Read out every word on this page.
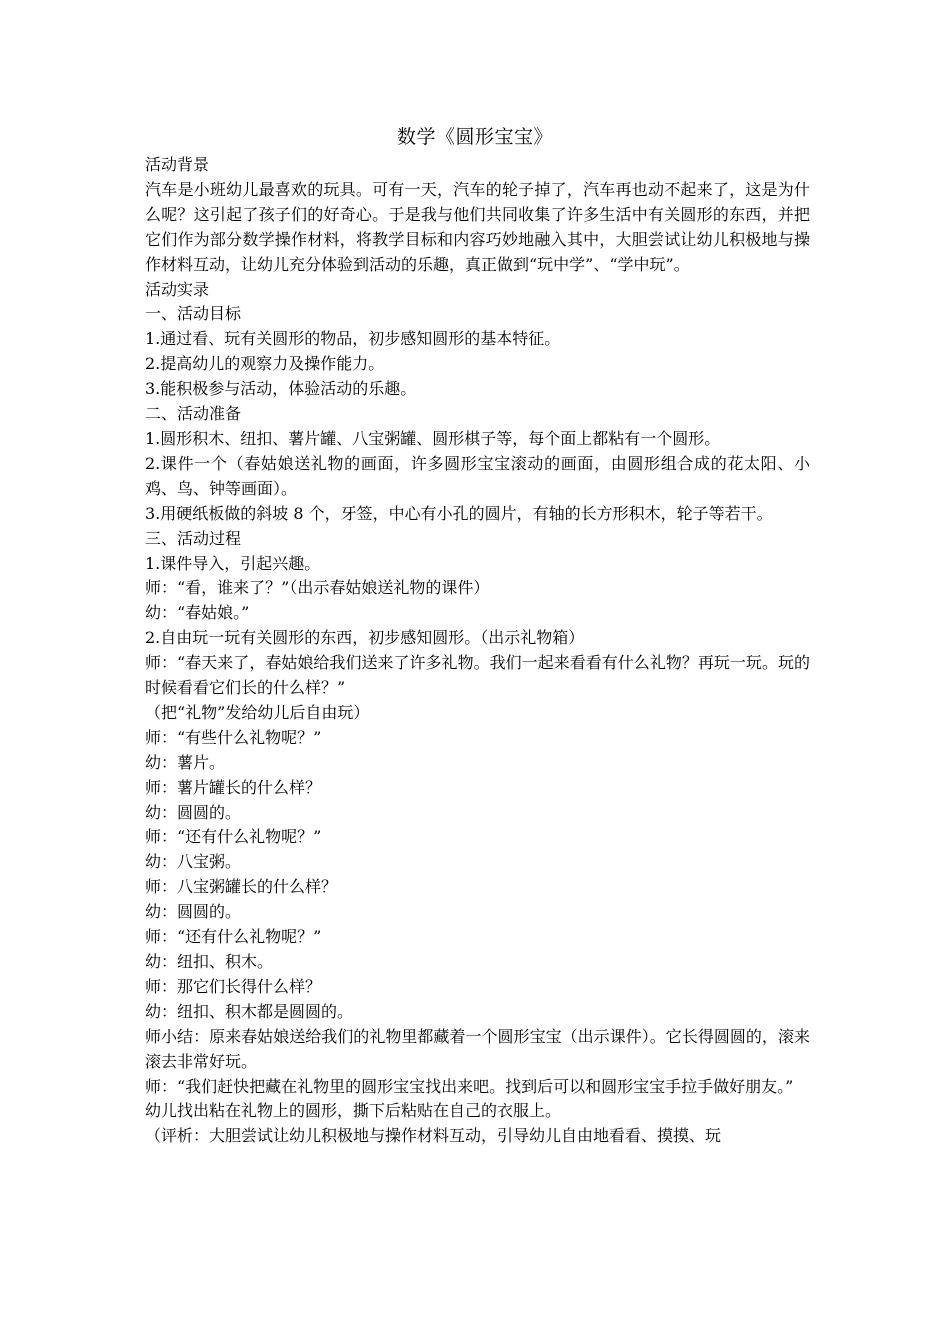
数学《圆形宝宝》

活动背景

汽车是小班幼儿最喜欢的玩具。可有一天，汽车的轮子掉了，汽车再也动不起来了，这是为什么呢？这引起了孩子们的好奇心。于是我与他们共同收集了许多生活中有关圆形的东西，并把它们作为部分数学操作材料，将教学目标和内容巧妙地融入其中，大胆尝试让幼儿积极地与操作材料互动，让幼儿充分体验到活动的乐趣，真正做到“玩中学”、“学中玩”。

活动实录

一、活动目标

1.通过看、玩有关圆形的物品，初步感知圆形的基本特征。

2.提高幼儿的观察力及操作能力。

3.能积极参与活动，体验活动的乐趣。

二、活动准备

1.圆形积木、纽扣、薯片罐、八宝粥罐、圆形棋子等，每个面上都粘有一个圆形。

2.课件一个（春姑娘送礼物的画面，许多圆形宝宝滚动的画面，由圆形组合成的花太阳、小鸡、鸟、钟等画面）。

3.用硬纸板做的斜坡 8 个，牙签，中心有小孔的圆片，有轴的长方形积木，轮子等若干。

三、活动过程

1.课件导入，引起兴趣。

师：“看，谁来了？”（出示春姑娘送礼物的课件）

幼：“春姑娘。”

2.自由玩一玩有关圆形的东西，初步感知圆形。（出示礼物箱）

师：“春天来了，春姑娘给我们送来了许多礼物。我们一起来看看有什么礼物？再玩一玩。玩的时候看看它们长的什么样？”

（把“礼物”发给幼儿后自由玩）

师：“有些什么礼物呢？”

幼：薯片。

师：薯片罐长的什么样？

幼：圆圆的。

师：“还有什么礼物呢？”

幼：八宝粥。

师：八宝粥罐长的什么样？

幼：圆圆的。

师：“还有什么礼物呢？”

幼：纽扣、积木。

师：那它们长得什么样？

幼：纽扣、积木都是圆圆的。

师小结：原来春姑娘送给我们的礼物里都藏着一个圆形宝宝（出示课件）。它长得圆圆的，滚来滚去非常好玩。

师：“我们赶快把藏在礼物里的圆形宝宝找出来吧。找到后可以和圆形宝宝手拉手做好朋友。”

幼儿找出粘在礼物上的圆形，撕下后粘贴在自己的衣服上。

（评析：大胆尝试让幼儿积极地与操作材料互动，引导幼儿自由地看看、摸摸、玩
